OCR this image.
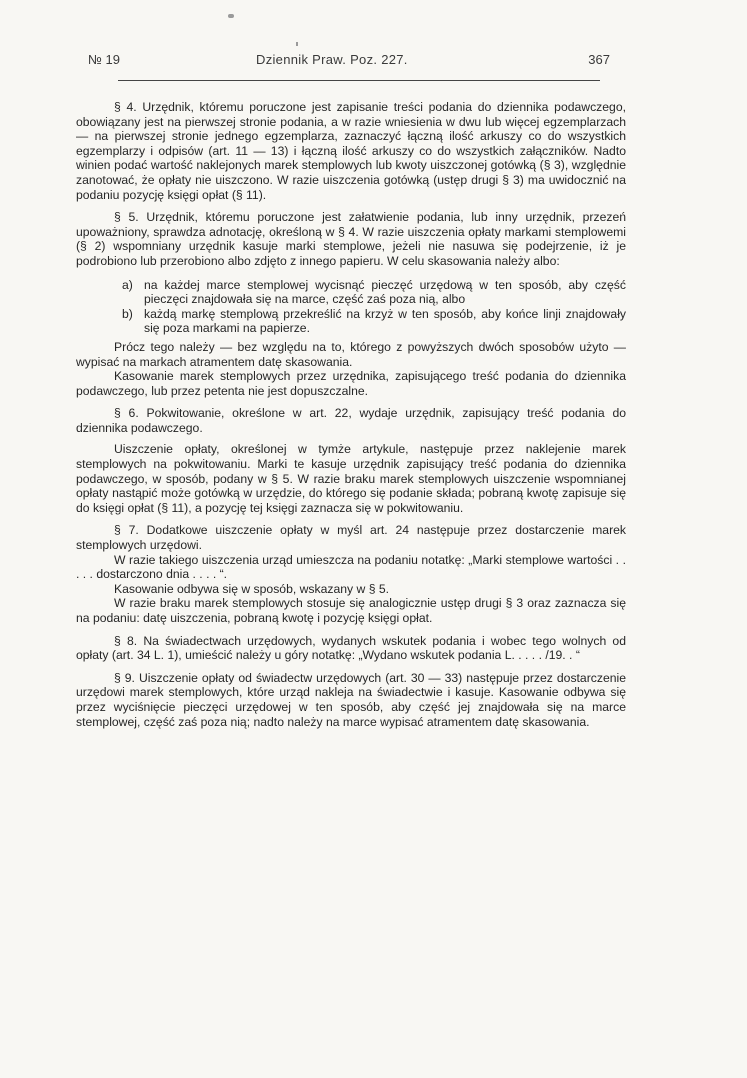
№ 19	Dziennik Praw. Poz. 227.	367

§ 4. Urzędnik, któremu poruczone jest zapisanie treści podania do dziennika podawczego, obowiązany jest na pierwszej stronie podania, a w razie wniesienia w dwu lub więcej egzemplarzach — na pierwszej stronie jednego egzemplarza, zaznaczyć łączną ilość arkuszy co do wszystkich egzemplarzy i odpisów (art. 11 — 13) i łączną ilość arkuszy co do wszystkich załączników. Nadto winien podać wartość naklejonych marek stemplowych lub kwoty uiszczonej gotówką (§ 3), względnie zanotować, że opłaty nie uiszczono. W razie uiszczenia gotówką (ustęp drugi § 3) ma uwidocznić na podaniu pozycję księgi opłat (§ 11).

§ 5. Urzędnik, któremu poruczone jest załatwienie podania, lub inny urzędnik, przezeń upoważniony, sprawdza adnotację, określoną w § 4. W razie uiszczenia opłaty markami stemplowemi (§ 2) wspomniany urzędnik kasuje marki stemplowe, jeżeli nie nasuwa się podejrzenie, iż je podrobiono lub przerobiono albo zdjęto z innego papieru. W celu skasowania należy albo:

a) na każdej marce stemplowej wycisnąć pieczęć urzędową w ten sposób, aby część pieczęci znajdowała się na marce, część zaś poza nią, albo

b) każdą markę stemplową przekreślić na krzyż w ten sposób, aby końce linji znajdowały się poza markami na papierze.

Prócz tego należy — bez względu na to, którego z powyższych dwóch sposobów użyto — wypisać na markach atramentem datę skasowania.

Kasowanie marek stemplowych przez urzędnika, zapisującego treść podania do dziennika podawczego, lub przez petenta nie jest dopuszczalne.

§ 6. Pokwitowanie, określone w art. 22, wydaje urzędnik, zapisujący treść podania do dziennika podawczego.

Uiszczenie opłaty, określonej w tymże artykule, następuje przez naklejenie marek stemplowych na pokwitowaniu. Marki te kasuje urzędnik zapisujący treść podania do dziennika podawczego, w sposób, podany w § 5. W razie braku marek stemplowych uiszczenie wspomnianej opłaty nastąpić może gotówką w urzędzie, do którego się podanie składa; pobraną kwotę zapisuje się do księgi opłat (§ 11), a pozycję tej księgi zaznacza się w pokwitowaniu.

§ 7. Dodatkowe uiszczenie opłaty w myśl art. 24 następuje przez dostarczenie marek stemplowych urzędowi.

W razie takiego uiszczenia urząd umieszcza na podaniu notatkę: „Marki stemplowe wartości . . . . . dostarczono dnia . . . . “.

Kasowanie odbywa się w sposób, wskazany w § 5.

W razie braku marek stemplowych stosuje się analogicznie ustęp drugi § 3 oraz zaznacza się na podaniu: datę uiszczenia, pobraną kwotę i pozycję księgi opłat.

§ 8. Na świadectwach urzędowych, wydanych wskutek podania i wobec tego wolnych od opłaty (art. 34 L. 1), umieścić należy u góry notatkę: „Wydano wskutek podania L. . . . . /19. . “

§ 9. Uiszczenie opłaty od świadectw urzędowych (art. 30 — 33) następuje przez dostarczenie urzędowi marek stemplowych, które urząd nakleja na świadectwie i kasuje. Kasowanie odbywa się przez wyciśnięcie pieczęci urzędowej w ten sposób, aby część jej znajdowała się na marce stemplowej, część zaś poza nią; nadto należy na marce wypisać atramentem datę skasowania.
